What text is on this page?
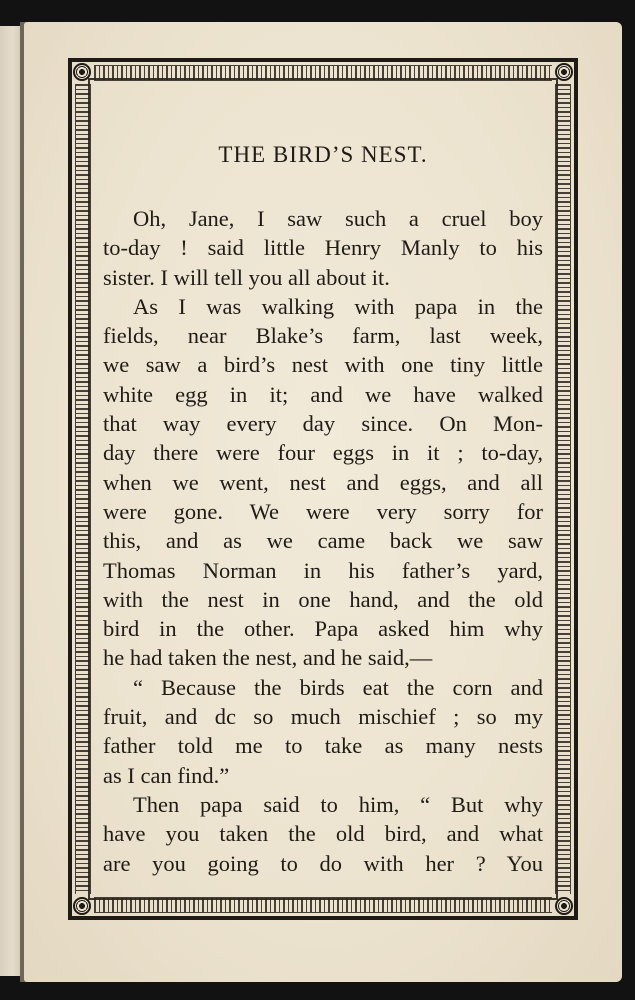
THE BIRD’S NEST.
Oh, Jane, I saw such a cruel boy
to-day ! said little Henry Manly to his
sister. I will tell you all about it.
As I was walking with papa in the
fields, near Blake’s farm, last week,
we saw a bird’s nest with one tiny little
white egg in it; and we have walked
that way every day since. On Mon-
day there were four eggs in it ; to-day,
when we went, nest and eggs, and all
were gone. We were very sorry for
this, and as we came back we saw
Thomas Norman in his father’s yard,
with the nest in one hand, and the old
bird in the other. Papa asked him why
he had taken the nest, and he said,—
“ Because the birds eat the corn and
fruit, and dc so much mischief ; so my
father told me to take as many nests
as I can find.”
Then papa said to him, “ But why
have you taken the old bird, and what
are you going to do with her ? You
